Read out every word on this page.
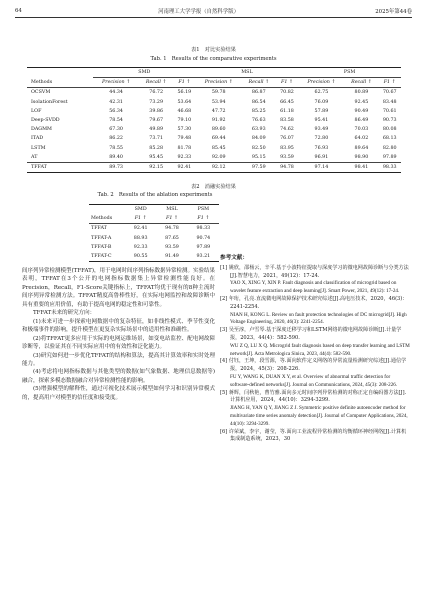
64	河南理工大学学报（自然科学版）	2025年第44卷
表1　对比实验结果
Tab. 1　Results of the comparative experiments
	SMD			MSL			PSM		
Methods	Precision ↑	Recall ↑	F1 ↑	Precision ↑	Recall ↑	F1 ↑	Precision ↑	Recall ↑	F1 ↑
OCSVM	44.34	76.72	56.19	59.78	86.87	70.82	62.75	80.89	70.67
IsolationForest	42.31	73.29	53.64	53.94	86.54	66.45	76.09	92.45	83.48
LOF	56.34	39.86	46.68	47.72	85.25	61.18	57.89	90.49	70.61
Deep-SVDD	78.54	79.67	79.10	91.92	76.63	83.58	95.41	86.49	90.73
DAGMM	67.30	49.89	57.30	89.60	63.93	74.62	93.49	70.03	80.08
ITAD	86.22	73.71	79.48	69.44	84.09	76.07	72.80	64.02	68.13
LSTM	78.55	85.28	81.78	85.45	82.50	83.95	76.93	89.64	82.80
AT	89.40	95.45	92.33	92.09	95.15	93.59	96.91	98.90	97.89
TFFAT	89.73	92.15	92.41	92.12	97.59	94.78	97.14	98.41	98.33
表2　消融实验结果
Tab. 2　Results of the ablation experiments
	SMD	MSL	PSM
Methods	F1 ↑	F1 ↑	F1 ↑
TFFAT	92.41	94.78	98.33
TFFAT-A	88.93	87.65	90.74
TFFAT-B	92.33	93.59	97.89
TFFAT-C	90.55	91.49	93.21

间序列异常检测模型(TFFAT)，用于电网时间序列指标数据异常检测。实验结果表明，TFFAT在3个公开的电网指标数据集上异常检测性能良好。在Precision，Recall，F1-Score关键指标上，TFFAT均优于现有的8种主流时间序列异常检测方法。TFFAT精度高鲁棒性好，在实际电网监控和故障诊断中具有重要的应用价值，有助于提高电网的稳定性和可靠性。

TFFAT未来的研究方向：

(1)未来可进一步探索电网数据中的复杂特征，如非线性模式、季节性变化和极端事件的影响，提升模型在更复杂实际场景中的适用性和准确性。

(2)将TFFAT更多应用于实际的电网运维场景，如变电站监控、配电网故障诊断等，以验证其在不同实际应用中的有效性和泛化能力。

(3)研究如何进一步优化TFFAT的结构和算法，提高其计算效率和实时处理能力。

(4)考虑将电网指标数据与其他类型的数据(如气象数据、地理信息数据等)融合，探索多模态数据融合对异常检测性能的影响。

(5)增强模型的解释性，通过可视化技术展示模型如何学习和识别异常模式的，提高用户对模型的信任度和接受度。

参考文献：

[1] 姚欣，邵杨云，辛平.基于小波特征提取与深度学习的微电网故障诊断与分类方法[J].智慧电力，2021，49(12)：17-24.

YAO X, XING Y, XIN P. Fault diagnosis and classification of microgrid based on wavelet feature extraction and deep learning[J]. Smart Power, 2021, 49(12): 17-24.

[2] 年珩，孔亮.直流微电网故障保护技术研究综述[J].高电压技术，2020，46(3)：2241-2254.

NIAN H, KONG L. Review on fault protection technologies of DC microgrid[J]. High Voltage Engineering, 2020, 46(3): 2241-2254.

[3] 吴至淳，卢雪琴.基于深度迁移学习和LSTM网络的微电网故障诊断[J].计量学报，2023，44(4)：582-590.

WU Z Q, LU X Q. Microgrid fault diagnosis based on deep transfer learning and LSTM network[J]. Acta Metrologica Sinica, 2023, 44(4): 582-590.

[4] 付钰，王坤，段雪源，等.面向软件定义网络的异常流量检测研究综述[J].通信学报，2024，45(3)：208-226.

FU Y, WANG K, DUAN X Y, et al. Overview of abnormal traffic detection for software-defined networks[J]. Journal on Communications, 2024, 45(3): 208-226.

[5] 蒋辉，闫秋艳，曹竹雅.面向多元时间序列异常检测的对称正定自编码器方法[J].计算机应用，2024，44(10)：3294-3299.

JIANG H, YAN Q Y, JIANG Z J. Symmetric positive definite autoencoder method for multivariate time series anomaly detection[J]. Journal of Computer Applications, 2024, 44(10): 3294-3299.

[6] 许荣斌，李宇，谢莹，等.面向工业流程异常检测的均衡循环神经网络[J].计算机集成制造系统，2023，30
